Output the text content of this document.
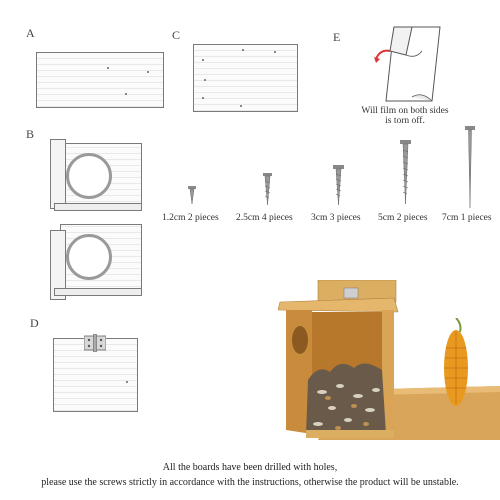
A	C	E
B
D
Will film on both sides
is torn off.
1.2cm 2 pieces 2.5cm 4 pieces 3cm 3 pieces 5cm 2 pieces 7cm 1 pieces
All the boards have been drilled with holes,
please use the screws strictly in accordance with the instructions, otherwise the product will be unstable.
